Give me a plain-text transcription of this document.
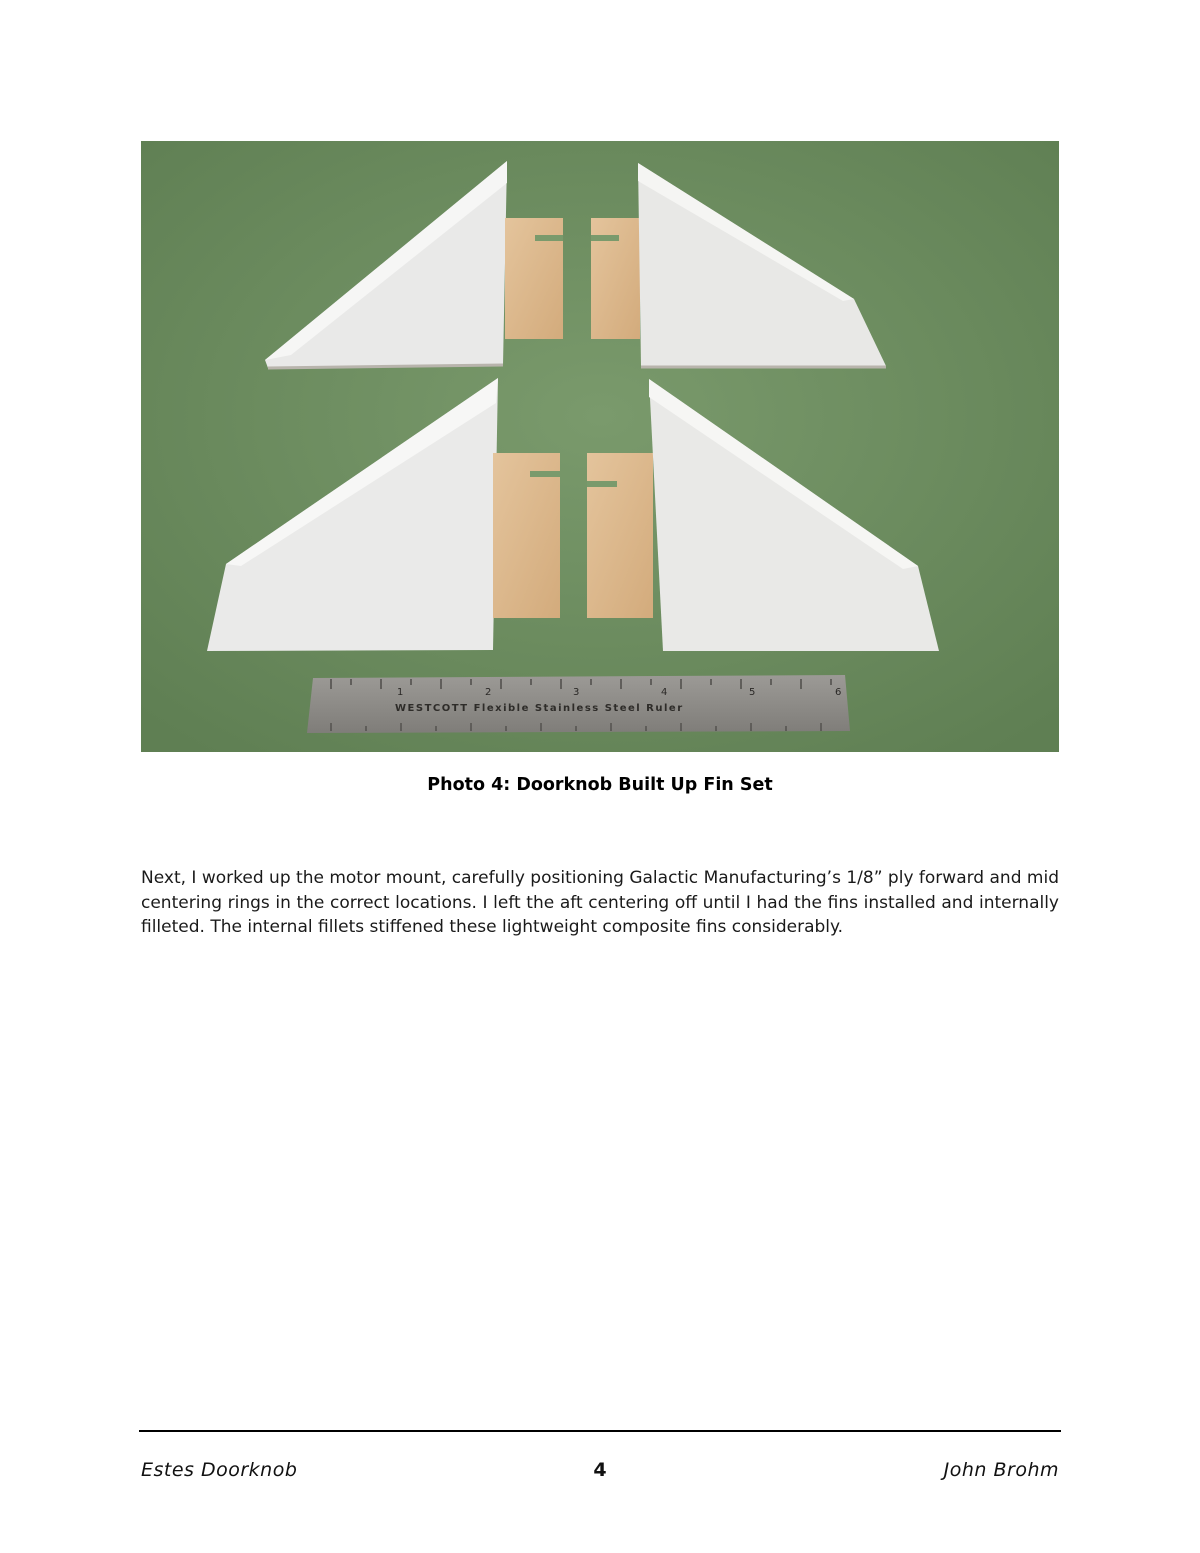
1	2	3	4	5	6
WESTCOTT Flexible Stainless Steel Ruler
Photo 4: Doorknob Built Up Fin Set

Next, I worked up the motor mount, carefully positioning Galactic Manufacturing’s 1/8” ply forward and mid centering rings in the correct locations. I left the aft centering off until I had the fins installed and internally filleted. The internal fillets stiffened these lightweight composite fins considerably.

Estes Doorknob	4	John Brohm
